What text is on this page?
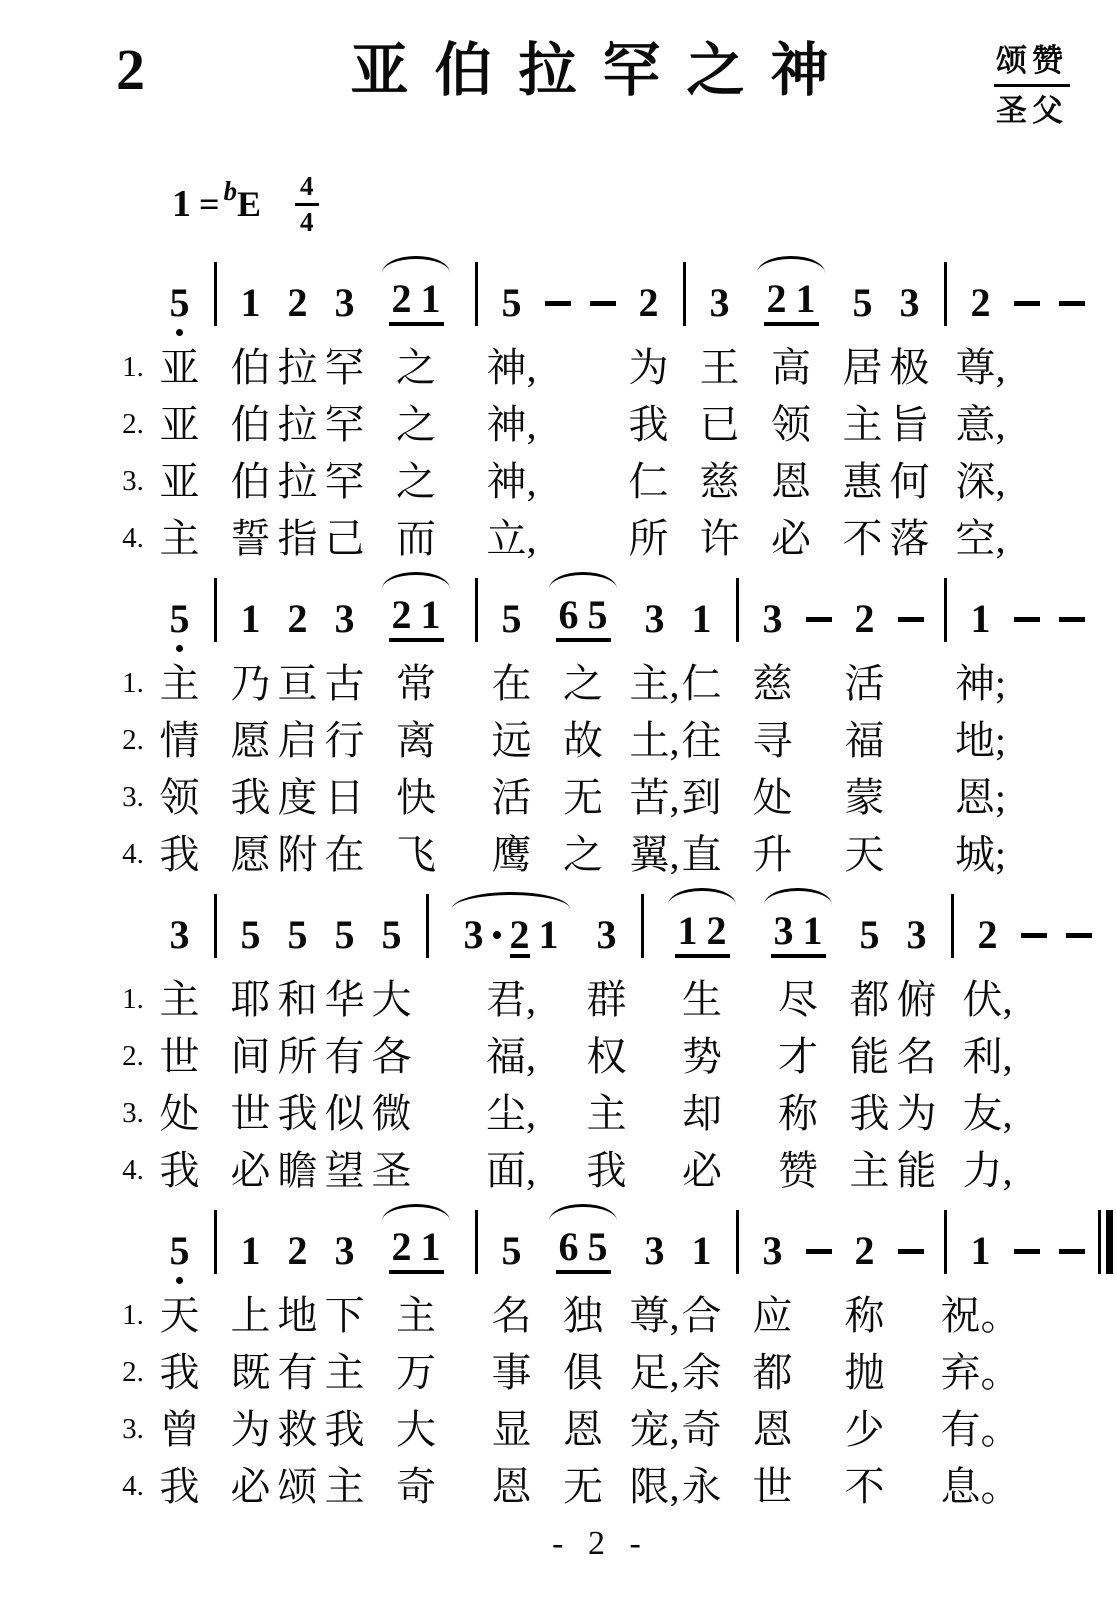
2	亚伯拉罕之神	颂赞
圣父
1 = b E $\frac{4}{4}$
1.
2.
3.
4.
5
亚
亚
亚
主
1
伯
伯
伯
誓
2
拉
拉
拉
指
3
罕
罕
罕
己
2 1
之
之
之
而
5
神,
神,
神,
立,
2
为
我
仁
所
3
王
已
慈
许
2 1
高
领
恩
必
5
居
主
惠
不
3
极
旨
何
落
2
尊,
意,
深,
空,
1.
2.
3.
4.
5
主
情
领
我
1
乃
愿
我
愿
2
亘
启
度
附
3
古
行
日
在
2 1
常
离
快
飞
5
在
远
活
鹰
6 5
之
故
无
之
3
主,
土,
苦,
翼,
1
仁
往
到
直
3
慈
寻
处
升
2
活
福
蒙
天
1
神;
地;
恩;
城;
1.
2.
3.
4.
3
主
世
处
我
5
耶
间
世
必
5
和
所
我
瞻
5
华
有
似
望
5
大
各
微
圣
3 2 1
君,
福,
尘,
面,
3
群
权
主
我
1 2
生
势
却
必
3 1
尽
才
称
赞
5
都
能
我
主
3
俯
名
为
能
2
伏,
利,
友,
力,
1.
2.
3.
4.
5
天
我
曾
我
1
上
既
为
必
2
地
有
救
颂
3
下
主
我
主
2 1
主
万
大
奇
5
名
事
显
恩
6 5
独
俱
恩
无
3
尊,
足,
宠,
限,
1
合
余
奇
永
3
应
都
恩
世
2
称
抛
少
不
1
祝。
弃。
有。
息。
- 2 -
